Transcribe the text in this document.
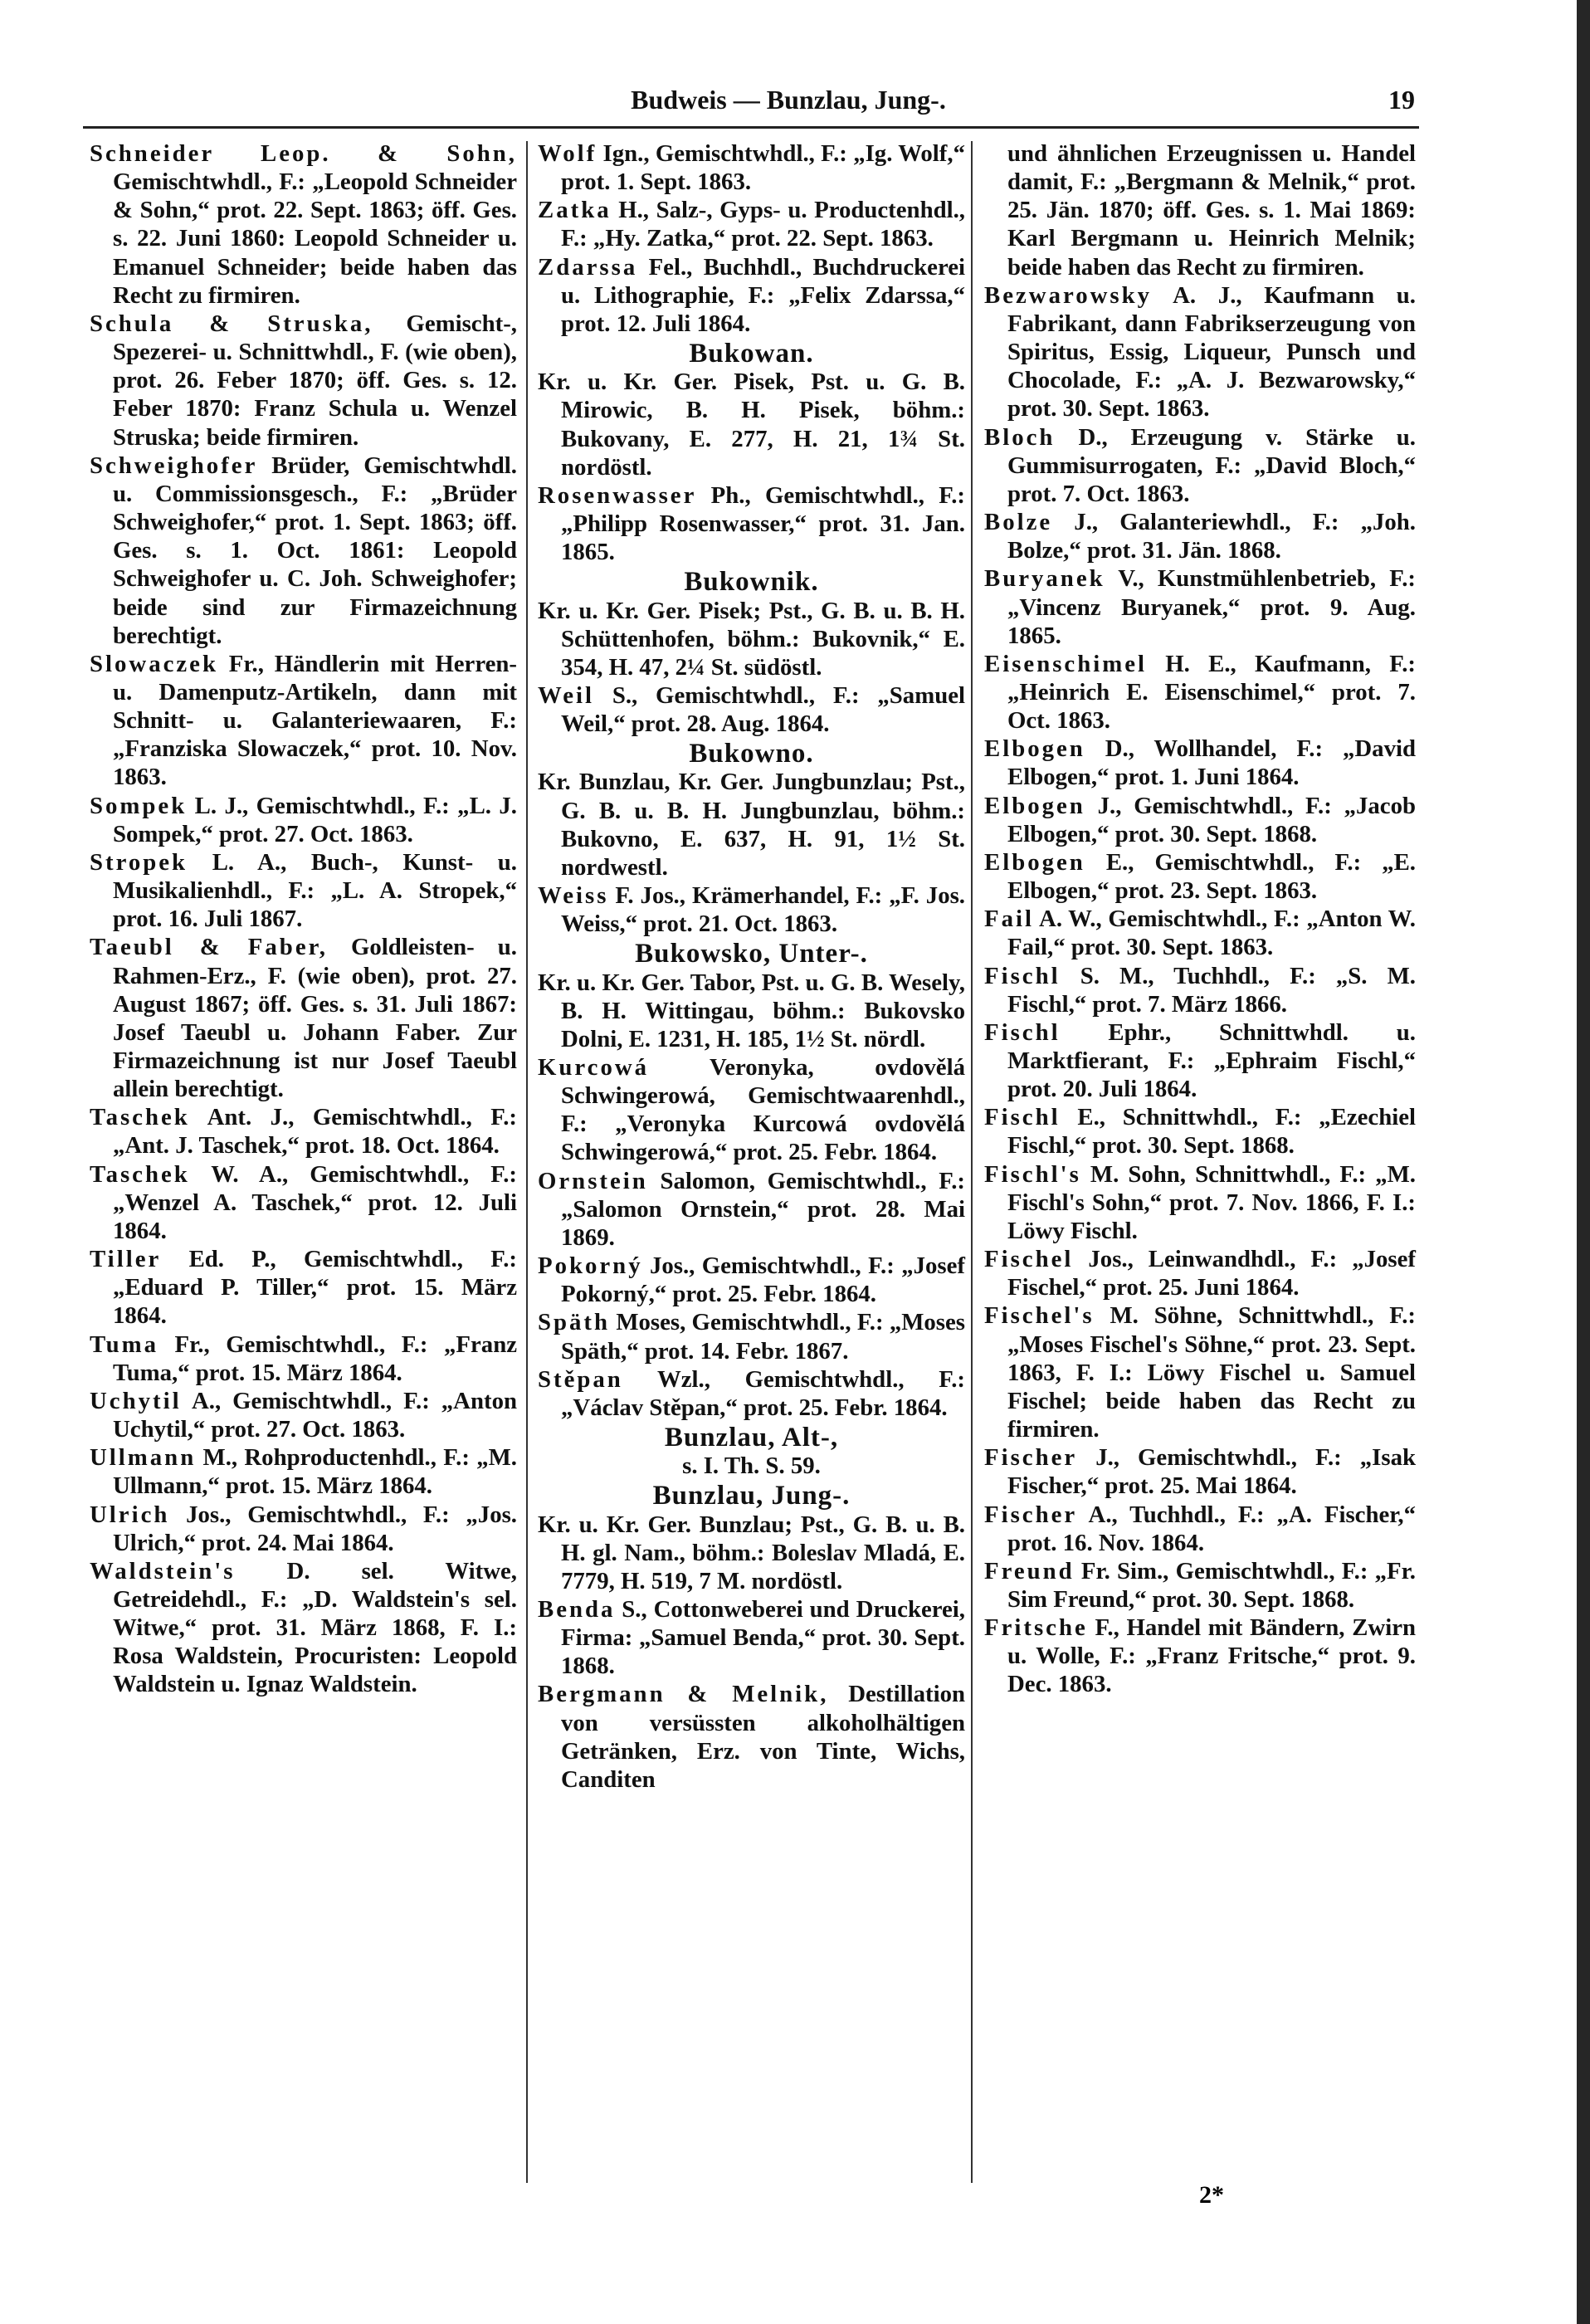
Budweis — Bunzlau, Jung-.	19
Schneider Leop. & Sohn, Gemischtwhdl., F.: „Leopold Schneider & Sohn,“ prot. 22. Sept. 1863; öff. Ges. s. 22. Juni 1860: Leopold Schneider u. Emanuel Schneider; beide haben das Recht zu firmiren.
Schula & Struska, Gemischt-, Spezerei- u. Schnittwhdl., F. (wie oben), prot. 26. Feber 1870; öff. Ges. s. 12. Feber 1870: Franz Schula u. Wenzel Struska; beide firmiren.
Schweighofer Brüder, Gemischtwhdl. u. Commissionsgesch., F.: „Brüder Schweighofer,“ prot. 1. Sept. 1863; öff. Ges. s. 1. Oct. 1861: Leopold Schweighofer u. C. Joh. Schweighofer; beide sind zur Firmazeichnung berechtigt.
Slowaczek Fr., Händlerin mit Herren- u. Damenputz-Artikeln, dann mit Schnitt- u. Galanteriewaaren, F.: „Franziska Slowaczek,“ prot. 10. Nov. 1863.
Sompek L. J., Gemischtwhdl., F.: „L. J. Sompek,“ prot. 27. Oct. 1863.
Stropek L. A., Buch-, Kunst- u. Musikalienhdl., F.: „L. A. Stropek,“ prot. 16. Juli 1867.
Taeubl & Faber, Goldleisten- u. Rahmen-Erz., F. (wie oben), prot. 27. August 1867; öff. Ges. s. 31. Juli 1867: Josef Taeubl u. Johann Faber. Zur Firmazeichnung ist nur Josef Taeubl allein berechtigt.
Taschek Ant. J., Gemischtwhdl., F.: „Ant. J. Taschek,“ prot. 18. Oct. 1864.
Taschek W. A., Gemischtwhdl., F.: „Wenzel A. Taschek,“ prot. 12. Juli 1864.
Tiller Ed. P., Gemischtwhdl., F.: „Eduard P. Tiller,“ prot. 15. März 1864.
Tuma Fr., Gemischtwhdl., F.: „Franz Tuma,“ prot. 15. März 1864.
Uchytil A., Gemischtwhdl., F.: „Anton Uchytil,“ prot. 27. Oct. 1863.
Ullmann M., Rohproductenhdl., F.: „M. Ullmann,“ prot. 15. März 1864.
Ulrich Jos., Gemischtwhdl., F.: „Jos. Ulrich,“ prot. 24. Mai 1864.
Waldstein's D. sel. Witwe, Getreidehdl., F.: „D. Waldstein's sel. Witwe,“ prot. 31. März 1868, F. I.: Rosa Waldstein, Procuristen: Leopold Waldstein u. Ignaz Waldstein.
Wolf Ign., Gemischtwhdl., F.: „Ig. Wolf,“ prot. 1. Sept. 1863.
Zatka H., Salz-, Gyps- u. Productenhdl., F.: „Hy. Zatka,“ prot. 22. Sept. 1863.
Zdarssa Fel., Buchhdl., Buchdruckerei u. Lithographie, F.: „Felix Zdarssa,“ prot. 12. Juli 1864.
Bukowan.
Kr. u. Kr. Ger. Pisek, Pst. u. G. B. Mirowic, B. H. Pisek, böhm.: Bukovany, E. 277, H. 21, 1¾ St. nordöstl.
Rosenwasser Ph., Gemischtwhdl., F.: „Philipp Rosenwasser,“ prot. 31. Jan. 1865.
Bukownik.
Kr. u. Kr. Ger. Pisek; Pst., G. B. u. B. H. Schüttenhofen, böhm.: Bukovnik,“ E. 354, H. 47, 2¼ St. südöstl.
Weil S., Gemischtwhdl., F.: „Samuel Weil,“ prot. 28. Aug. 1864.
Bukowno.
Kr. Bunzlau, Kr. Ger. Jungbunzlau; Pst., G. B. u. B. H. Jungbunzlau, böhm.: Bukovno, E. 637, H. 91, 1½ St. nordwestl.
Weiss F. Jos., Krämerhandel, F.: „F. Jos. Weiss,“ prot. 21. Oct. 1863.
Bukowsko, Unter-.
Kr. u. Kr. Ger. Tabor, Pst. u. G. B. Wesely, B. H. Wittingau, böhm.: Bukovsko Dolni, E. 1231, H. 185, 1½ St. nördl.
Kurcowá Veronyka, ovdovělá Schwingerowá, Gemischtwaarenhdl., F.: „Veronyka Kurcowá ovdovělá Schwingerowá,“ prot. 25. Febr. 1864.
Ornstein Salomon, Gemischtwhdl., F.: „Salomon Ornstein,“ prot. 28. Mai 1869.
Pokorný Jos., Gemischtwhdl., F.: „Josef Pokorný,“ prot. 25. Febr. 1864.
Späth Moses, Gemischtwhdl., F.: „Moses Späth,“ prot. 14. Febr. 1867.
Stěpan Wzl., Gemischtwhdl., F.: „Václav Stěpan,“ prot. 25. Febr. 1864.
Bunzlau, Alt-,
s. I. Th. S. 59.
Bunzlau, Jung-.
Kr. u. Kr. Ger. Bunzlau; Pst., G. B. u. B. H. gl. Nam., böhm.: Boleslav Mladá, E. 7779, H. 519, 7 M. nordöstl.
Benda S., Cottonweberei und Druckerei, Firma: „Samuel Benda,“ prot. 30. Sept. 1868.
Bergmann & Melnik, Destillation von versüssten alkoholhältigen Getränken, Erz. von Tinte, Wichs, Canditen
und ähnlichen Erzeugnissen u. Handel damit, F.: „Bergmann & Melnik,“ prot. 25. Jän. 1870; öff. Ges. s. 1. Mai 1869: Karl Bergmann u. Heinrich Melnik; beide haben das Recht zu firmiren.
Bezwarowsky A. J., Kaufmann u. Fabrikant, dann Fabrikserzeugung von Spiritus, Essig, Liqueur, Punsch und Chocolade, F.: „A. J. Bezwarowsky,“ prot. 30. Sept. 1863.
Bloch D., Erzeugung v. Stärke u. Gummisurrogaten, F.: „David Bloch,“ prot. 7. Oct. 1863.
Bolze J., Galanteriewhdl., F.: „Joh. Bolze,“ prot. 31. Jän. 1868.
Buryanek V., Kunstmühlenbetrieb, F.: „Vincenz Buryanek,“ prot. 9. Aug. 1865.
Eisenschimel H. E., Kaufmann, F.: „Heinrich E. Eisenschimel,“ prot. 7. Oct. 1863.
Elbogen D., Wollhandel, F.: „David Elbogen,“ prot. 1. Juni 1864.
Elbogen J., Gemischtwhdl., F.: „Jacob Elbogen,“ prot. 30. Sept. 1868.
Elbogen E., Gemischtwhdl., F.: „E. Elbogen,“ prot. 23. Sept. 1863.
Fail A. W., Gemischtwhdl., F.: „Anton W. Fail,“ prot. 30. Sept. 1863.
Fischl S. M., Tuchhdl., F.: „S. M. Fischl,“ prot. 7. März 1866.
Fischl Ephr., Schnittwhdl. u. Marktfierant, F.: „Ephraim Fischl,“ prot. 20. Juli 1864.
Fischl E., Schnittwhdl., F.: „Ezechiel Fischl,“ prot. 30. Sept. 1868.
Fischl's M. Sohn, Schnittwhdl., F.: „M. Fischl's Sohn,“ prot. 7. Nov. 1866, F. I.: Löwy Fischl.
Fischel Jos., Leinwandhdl., F.: „Josef Fischel,“ prot. 25. Juni 1864.
Fischel's M. Söhne, Schnittwhdl., F.: „Moses Fischel's Söhne,“ prot. 23. Sept. 1863, F. I.: Löwy Fischel u. Samuel Fischel; beide haben das Recht zu firmiren.
Fischer J., Gemischtwhdl., F.: „Isak Fischer,“ prot. 25. Mai 1864.
Fischer A., Tuchhdl., F.: „A. Fischer,“ prot. 16. Nov. 1864.
Freund Fr. Sim., Gemischtwhdl., F.: „Fr. Sim Freund,“ prot. 30. Sept. 1868.
Fritsche F., Handel mit Bändern, Zwirn u. Wolle, F.: „Franz Fritsche,“ prot. 9. Dec. 1863.
2*
